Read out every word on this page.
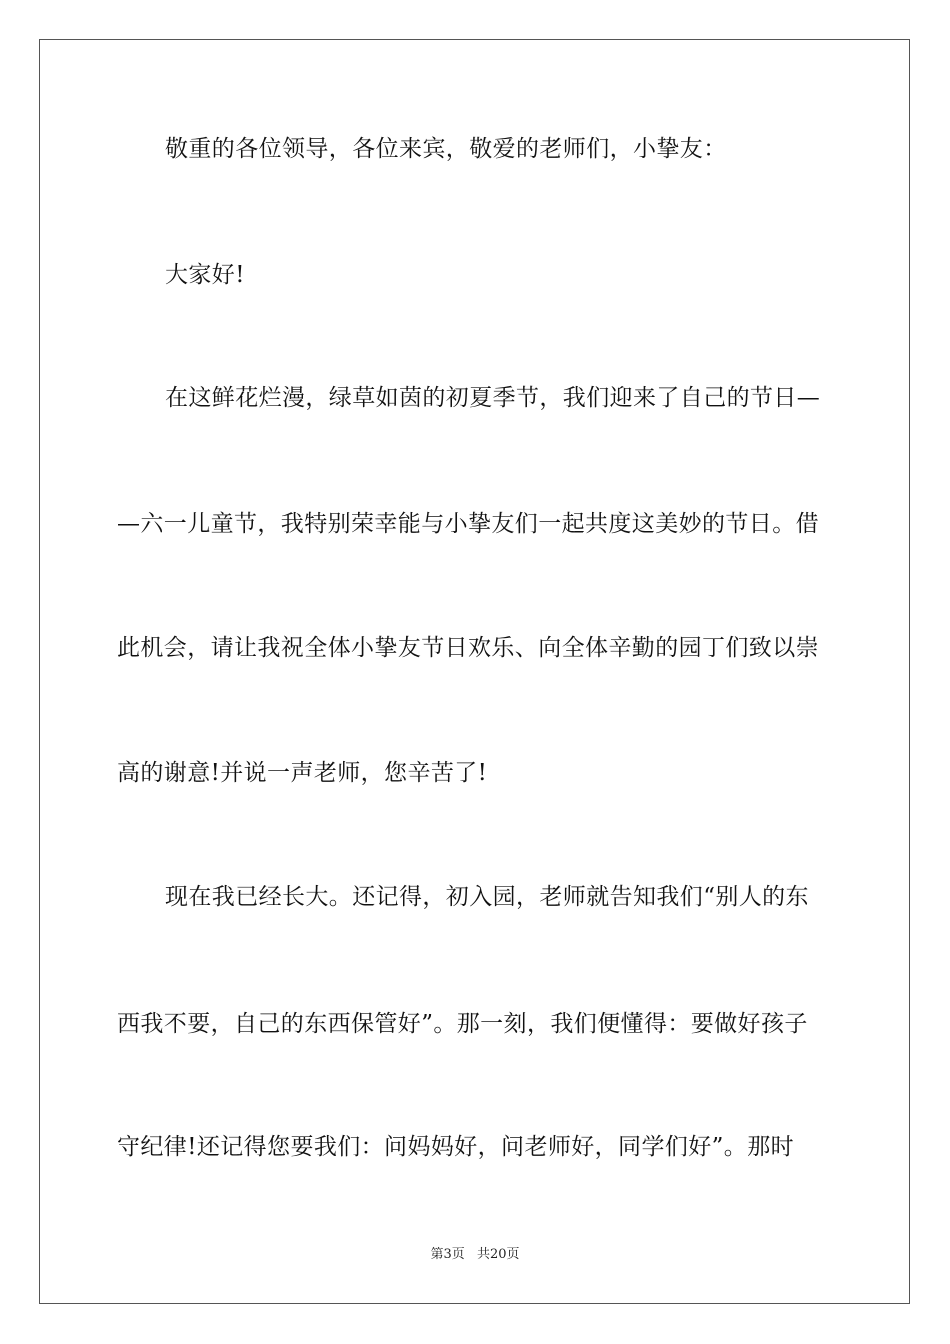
敬重的各位领导，各位来宾，敬爱的老师们，小挚友：
大家好!
在这鲜花烂漫，绿草如茵的初夏季节，我们迎来了自己的节日—
—六一儿童节，我特别荣幸能与小挚友们一起共度这美妙的节日。借
此机会，请让我祝全体小挚友节日欢乐、向全体辛勤的园丁们致以崇
高的谢意!并说一声老师，您辛苦了!
现在我已经长大。还记得，初入园，老师就告知我们“别人的东
西我不要，自己的东西保管好”。那一刻，我们便懂得：要做好孩子
守纪律!还记得您要我们：问妈妈好，问老师好，同学们好”。那时
第3页 共20页
